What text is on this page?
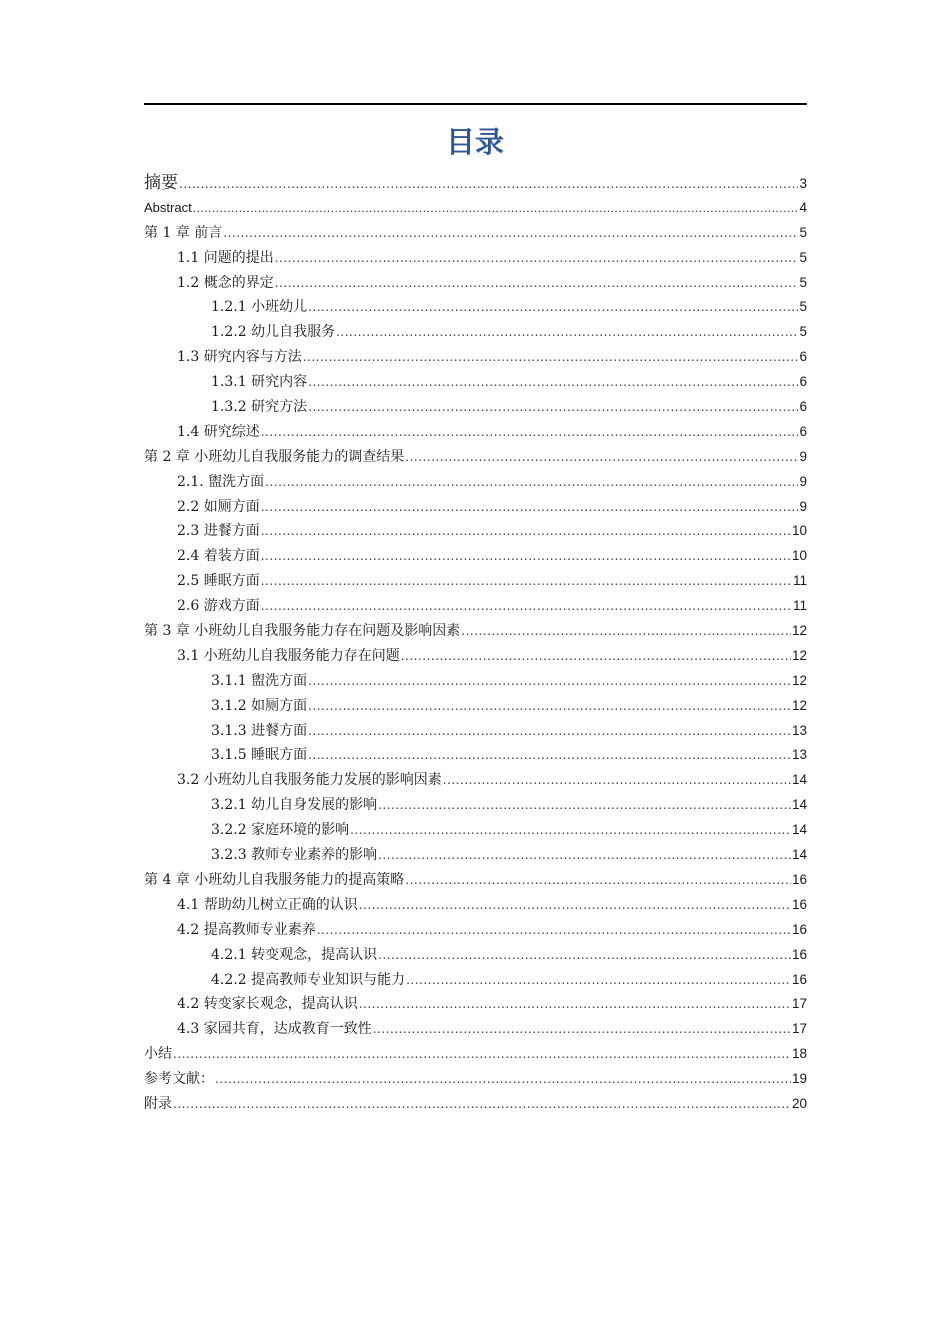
目录
摘要 .....	3
Abstract .....	4
第 1 章 前言 .....	5
1.1 问题的提出 .....	5
1.2 概念的界定 .....	5
1.2.1 小班幼儿 .....	5
1.2.2 幼儿自我服务 .....	5
1.3 研究内容与方法 .....	6
1.3.1 研究内容 .....	6
1.3.2 研究方法 .....	6
1.4 研究综述 .....	6
第 2 章 小班幼儿自我服务能力的调查结果 .....	9
2.1. 盥洗方面 .....	9
2.2 如厕方面 .....	9
2.3 进餐方面 .....	10
2.4 着装方面 .....	10
2.5 睡眠方面 .....	11
2.6 游戏方面 .....	11
第 3 章 小班幼儿自我服务能力存在问题及影响因素 .....	12
3.1 小班幼儿自我服务能力存在问题 .....	12
3.1.1 盥洗方面 .....	12
3.1.2 如厕方面 .....	12
3.1.3 进餐方面 .....	13
3.1.5 睡眠方面 .....	13
3.2 小班幼儿自我服务能力发展的影响因素 .....	14
3.2.1 幼儿自身发展的影响 .....	14
3.2.2 家庭环境的影响 .....	14
3.2.3 教师专业素养的影响 .....	14
第 4 章 小班幼儿自我服务能力的提高策略 .....	16
4.1 帮助幼儿树立正确的认识 .....	16
4.2 提高教师专业素养 .....	16
4.2.1 转变观念，提高认识 .....	16
4.2.2 提高教师专业知识与能力 .....	16
4.2 转变家长观念，提高认识 .....	17
4.3 家园共育，达成教育一致性 .....	17
小结 .....	18
参考文献： .....	19
附录 .....	20
